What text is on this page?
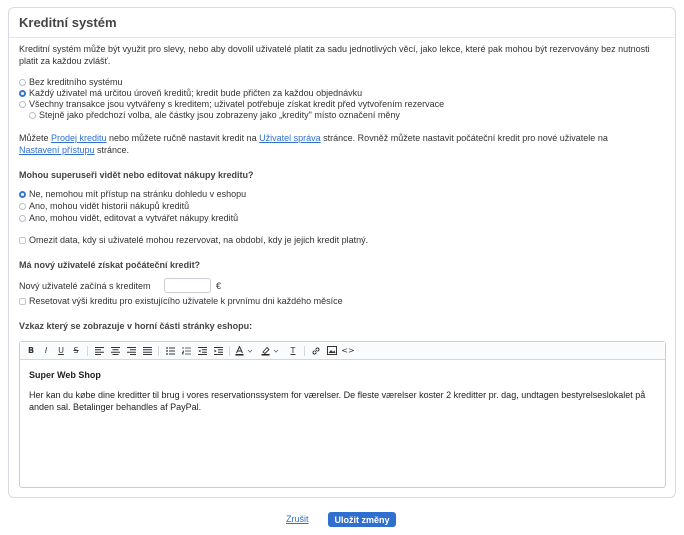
Kreditní systém
Kreditní systém může být využit pro slevy, nebo aby dovolil uživatelé platit za sadu jednotlivých věcí, jako lekce, které pak mohou být rezervovány bez nutnosti platit za každou zvlášť.
Bez kreditního systému
Každý uživatel má určitou úroveň kreditů; kredit bude přičten za každou objednávku
Všechny transakce jsou vytvářeny s kreditem; uživatel potřebuje získat kredit před vytvořením rezervace
Stejně jako předchozí volba, ale částky jsou zobrazeny jako „kredity" místo označení měny
Můžete Prodej kreditu nebo můžete ručně nastavit kredit na Uživatel správa stránce. Rovněž můžete nastavit počáteční kredit pro nové uživatele na
Nastavení přístupu stránce.
Mohou superuseři vidět nebo editovat nákupy kreditu?
Ne, nemohou mít přístup na stránku dohledu v eshopu
Ano, mohou vidět historii nákupů kreditů
Ano, mohou vidět, editovat a vytvářet nákupy kreditů
Omezit data, kdy si uživatelé mohou rezervovat, na období, kdy je jejich kredit platný.
Má nový uživatelé získat počáteční kredit?
Nový uživatelé začíná s kreditem	€
Resetovat výši kreditu pro existujícího uživatele k prvnímu dni každého měsíce
Vzkaz který se zobrazuje v horní části stránky eshopu:
B	I	U	S	T	<>
Super Web Shop
Her kan du købe dine kreditter til brug i vores reservationssystem for værelser. De fleste værelser koster 2 kreditter pr. dag, undtagen bestyrelseslokalet på anden sal. Betalinger behandles af PayPal.
Zrušit	Uložit změny
